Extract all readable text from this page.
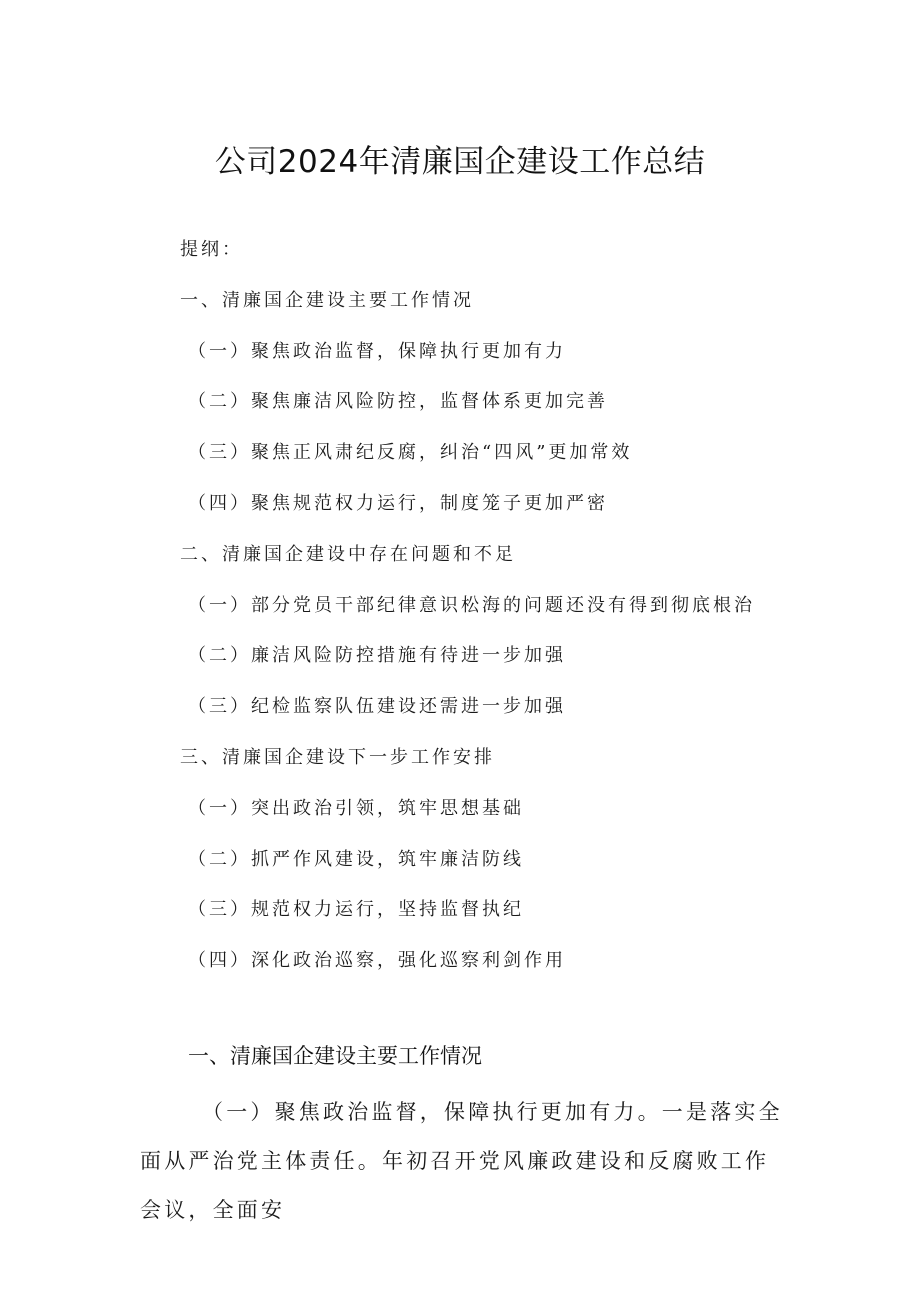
公司2024年清廉国企建设工作总结
提纲：
一、清廉国企建设主要工作情况
（一）聚焦政治监督，保障执行更加有力
（二）聚焦廉洁风险防控，监督体系更加完善
（三）聚焦正风肃纪反腐，纠治“四风”更加常效
（四）聚焦规范权力运行，制度笼子更加严密
二、清廉国企建设中存在问题和不足
（一）部分党员干部纪律意识松海的问题还没有得到彻底根治
（二）廉洁风险防控措施有待进一步加强
（三）纪检监察队伍建设还需进一步加强
三、清廉国企建设下一步工作安排
（一）突出政治引领，筑牢思想基础
（二）抓严作风建设，筑牢廉洁防线
（三）规范权力运行，坚持监督执纪
（四）深化政治巡察，强化巡察利剑作用
一、清廉国企建设主要工作情况
（一）聚焦政治监督，保障执行更加有力。一是落实全面从严治党主体责任。年初召开党风廉政建设和反腐败工作会议，全面安
